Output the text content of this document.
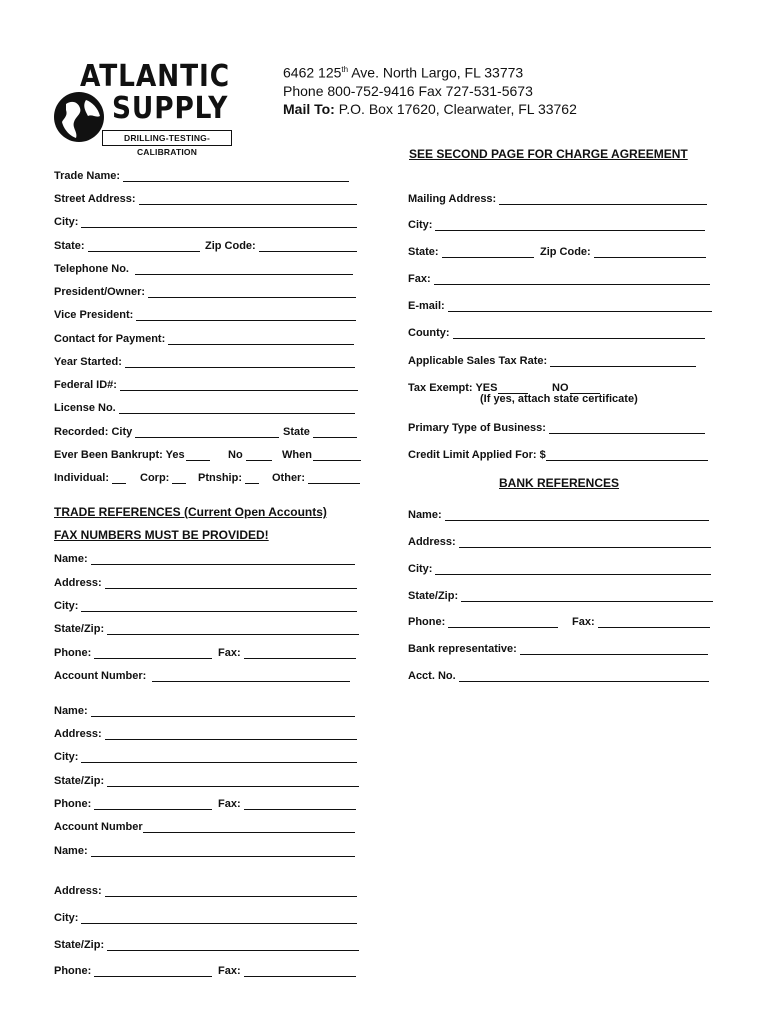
ATLANTIC
SUPPLY
DRILLING-TESTING-CALIBRATION
6462 125th Ave. North Largo, FL 33773
Phone 800-752-9416 Fax 727-531-5673
Mail To: P.O. Box 17620, Clearwater, FL 33762
SEE SECOND PAGE FOR CHARGE AGREEMENT
Trade Name:
Street Address:
City:
State:	Zip Code:
Telephone No.
President/Owner:
Vice President:
Contact for Payment:
Year Started:
Federal ID#:
License No.
Recorded: City	State
Ever Been Bankrupt: Yes	No	When
Individual:	Corp:	Ptnship:	Other:
Mailing Address:
City:
State:	Zip Code:
Fax:
E-mail:
County:
Applicable Sales Tax Rate:
Tax Exempt: YES	NO
(If yes, attach state certificate)
Primary Type of Business:
Credit Limit Applied For: $
TRADE REFERENCES (Current Open Accounts)
FAX NUMBERS MUST BE PROVIDED!
Name:
Address:
City:
State/Zip:
Phone:	Fax:
Account Number:
Name:
Address:
City:
State/Zip:
Phone:	Fax:
Account Number
Name:
Address:
City:
State/Zip:
Phone:	Fax:
BANK REFERENCES
Name:
Address:
City:
State/Zip:
Phone:	Fax:
Bank representative:
Acct. No.
